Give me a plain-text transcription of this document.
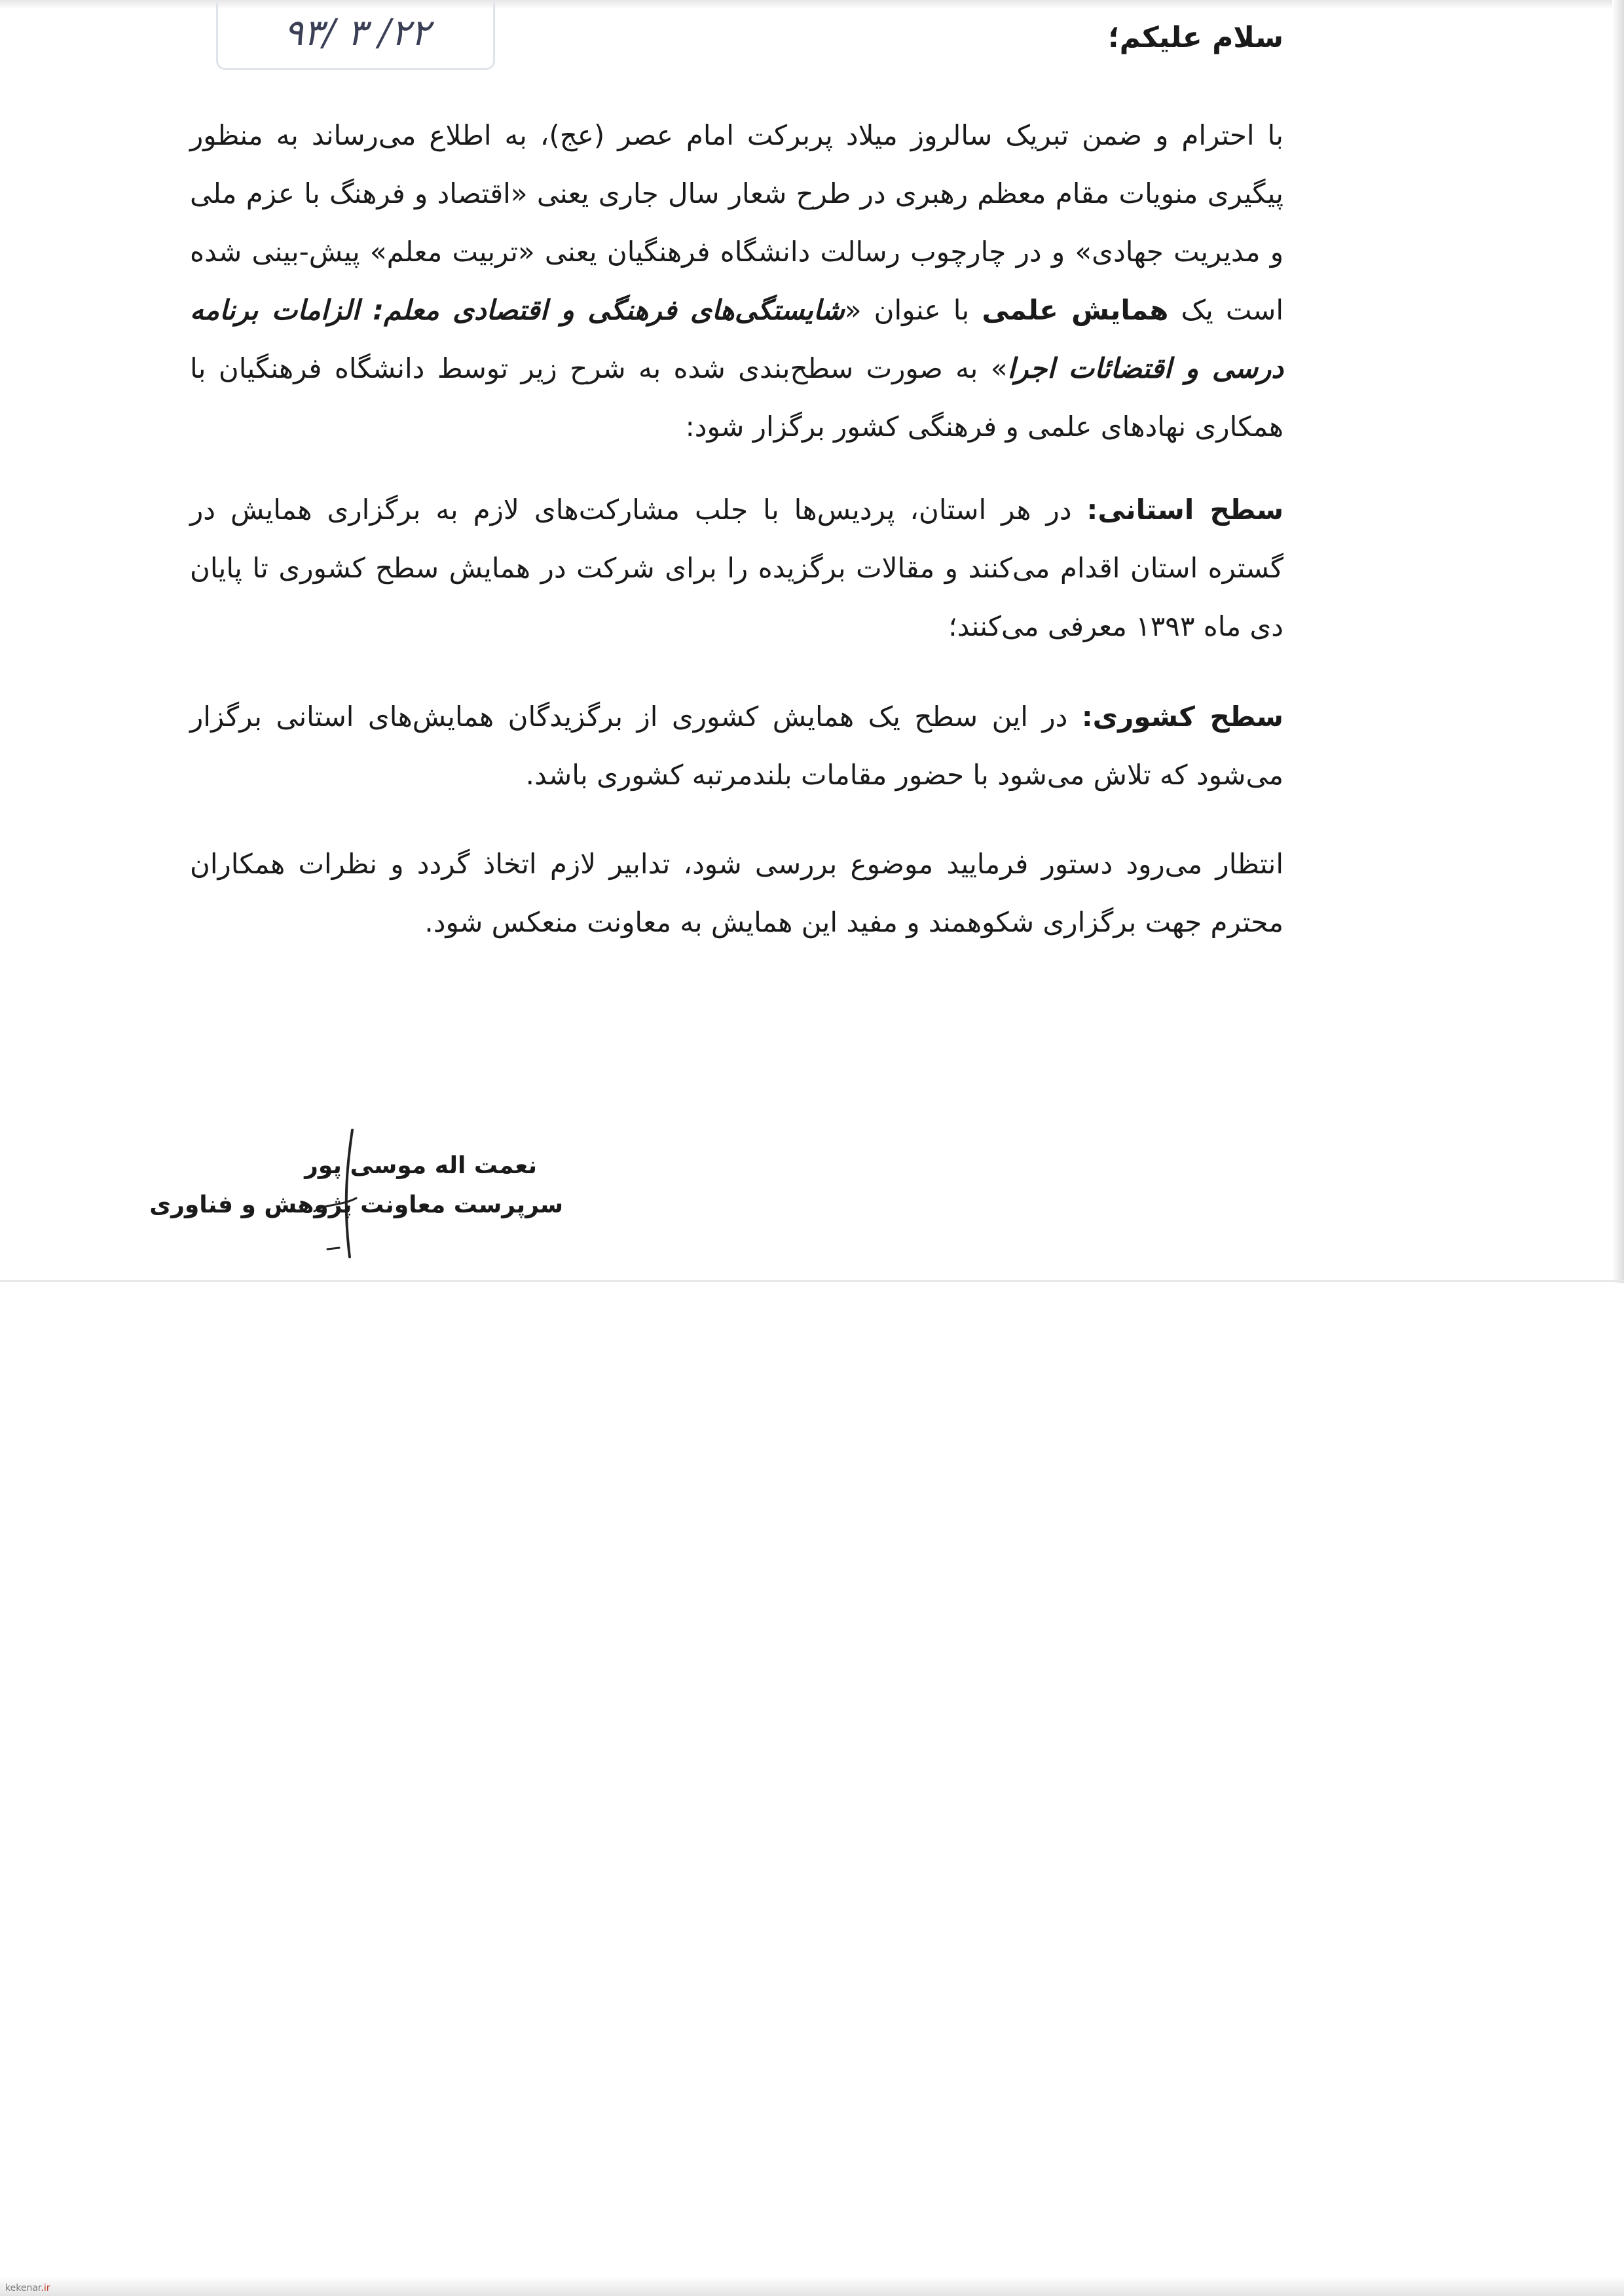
۹۳/ ۳ /۲۲	سلام علیکم؛
با احترام و ضمن تبریک سالروز میلاد پربرکت امام عصر (عج)، به اطلاع می‌رساند به منظور پیگیری منویات مقام معظم رهبری در طرح شعار سال جاری یعنی «اقتصاد و فرهنگ با عزم ملی و مدیریت جهادی» و در چارچوب رسالت دانشگاه فرهنگیان یعنی «تربیت معلم» پیش-بینی شده است یک همایش علمی با عنوان «شایستگی‌های فرهنگی و اقتصادی معلم: الزامات برنامه درسی و اقتضائات اجرا» به صورت سطح‌بندی شده به شرح زیر توسط دانشگاه فرهنگیان با همکاری نهادهای علمی و فرهنگی کشور برگزار شود:
سطح استانی: در هر استان، پردیس‌ها با جلب مشارکت‌های لازم به برگزاری همایش در گستره استان اقدام می‌کنند و مقالات برگزیده را برای شرکت در همایش سطح کشوری تا پایان دی ماه ۱۳۹۳ معرفی می‌کنند؛
سطح کشوری: در این سطح یک همایش کشوری از برگزیدگان همایش‌های استانی برگزار می‌شود که تلاش می‌شود با حضور مقامات بلندمرتبه کشوری باشد.
انتظار می‌رود دستور فرمایید موضوع بررسی شود، تدابیر لازم اتخاذ گردد و نظرات همکاران محترم جهت برگزاری شکوهمند و مفید این همایش به معاونت منعکس شود.
نعمت اله موسی پور
سرپرست معاونت پژوهش و فناوری
kekenar.ir
